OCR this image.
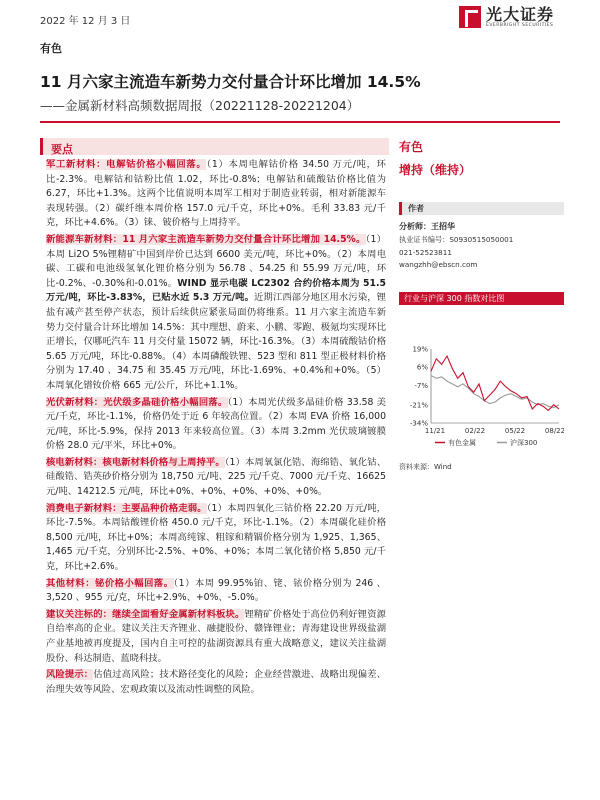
2022 年 12 月 3 日	光大证券
EVERBRIGHT SECURITIES
有色
11 月六家主流造车新势力交付量合计环比增加 14.5%
——金属新材料高频数据周报（20221128-20221204）
要点

军工新材料：电解钴价格小幅回落。（1）本周电解钴价格 34.50 万元/吨，环比-2.3%。电解钴和钴粉比值 1.02，环比-0.8%；电解钴和硫酸钴价格比值为 6.27，环比+1.3%。这两个比值说明本周军工相对于制造业转弱，相对新能源车表现转强。（2）碳纤维本周价格 157.0 元/千克，环比+0%。毛利 33.83 元/千克，环比+4.6%。（3）铼、铍价格与上周持平。

新能源车新材料：11 月六家主流造车新势力交付量合计环比增加 14.5%。（1）本周 Li2O 5%锂精矿中国到岸价已达到 6600 美元/吨，环比+0%。（2）本周电碳、工碳和电池级氢氧化锂价格分别为 56.78 、54.25 和 55.99 万元/吨，环比-0.2%、-0.30%和-0.01%。WIND 显示电碳 LC2302 合约价格本周为 51.5 万元/吨，环比-3.83%，已贴水近 5.3 万元/吨。近期江西部分地区用水污染，锂盐有减产甚至停产状态，预计后续供应紧张局面仍将维系。11 月六家主流造车新势力交付量合计环比增加 14.5%：其中理想、蔚来、小鹏、零跑、极氪均实现环比正增长，仅哪吒汽车 11 月交付量 15072 辆，环比-16.3%。（3）本周硫酸钴价格 5.65 万元/吨，环比-0.88%。（4）本周磷酸铁锂、523 型和 811 型正极材料价格分别为 17.40 、34.75 和 35.45 万元/吨，环比-1.69%、+0.4%和+0%。（5）本周氧化镨钕价格 665 元/公斤，环比+1.1%。

光伏新材料：光伏级多晶硅价格小幅回落。（1）本周光伏级多晶硅价格 33.58 美元/千克，环比-1.1%，价格仍处于近 6 年较高位置。（2）本周 EVA 价格 16,000 元/吨，环比-5.9%，保持 2013 年来较高位置。（3）本周 3.2mm 光伏玻璃镀膜价格 28.0 元/平米，环比+0%。

核电新材料：核电新材料价格与上周持平。（1）本周氧氯化锆、海绵锆、氧化钴、硅酸锆、锆英砂价格分别为 18,750 元/吨、225 元/千克、7000 元/千克、16625 元/吨、14212.5 元/吨，环比+0%、+0%、+0%、+0%、+0%。

消费电子新材料：主要品种价格走弱。（1）本周四氧化三钴价格 22.20 万元/吨，环比-7.5%。本周钴酸锂价格 450.0 元/千克，环比-1.1%。（2）本周碳化硅价格 8,500 元/吨，环比+0%；本周高纯镓、粗镓和精锢价格分别为 1,925、1,365、1,465 元/千克，分别环比-2.5%、+0%、+0%；本周二氧化锗价格 5,850 元/千克，环比+2.6%。

其他材料：铋价格小幅回落。（1）本周 99.95%铂、铑、铱价格分别为 246 、3,520 、955 元/克，环比+2.9%、+0%、-5.0%。

建议关注标的：继续全面看好金属新材料板块。锂精矿价格处于高位仍利好锂资源自给率高的企业。建议关注天齐锂业、融捷股份、赣锋锂业；青海建设世界级盐湖产业基地被再度提及，国内自主可控的盐湖资源具有重大战略意义，建议关注盐湖股份、科达制造、蓝晓科技。

风险提示：估值过高风险；技术路径变化的风险；企业经营激进、战略出现偏差、治理失效等风险、宏观政策以及流动性调整的风险。

有色
增持（维持）
作者
分析师：王招华
执业证书编号：S0930515050001
021-52523811
wangzhh@ebscn.com
行业与沪深 300 指数对比图
19%
6%
-7%
-21%
-34%
11/21	02/22	05/22	08/22
有色金属	沪深300
资料来源：Wind
